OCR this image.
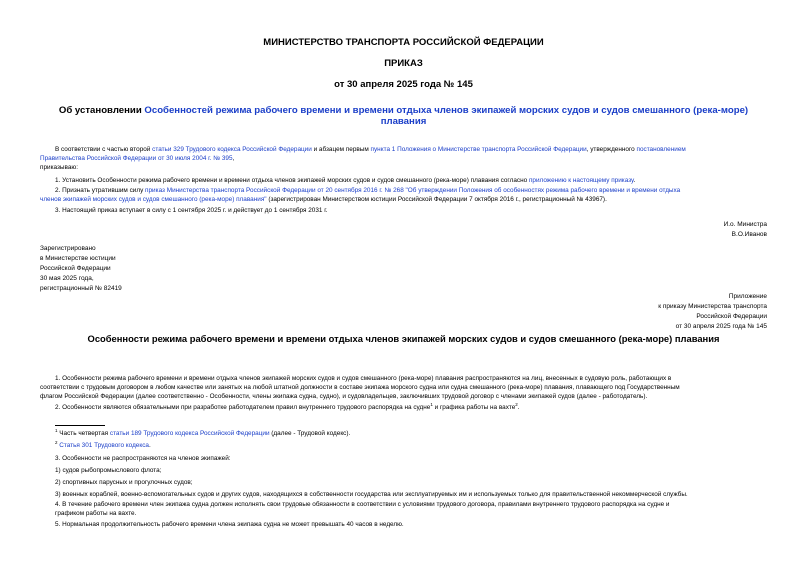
МИНИСТЕРСТВО ТРАНСПОРТА РОССИЙСКОЙ ФЕДЕРАЦИИ
ПРИКАЗ
от 30 апреля 2025 года № 145
Об установлении Особенностей режима рабочего времени и времени отдыха членов экипажей морских судов и судов смешанного (река-море) плавания
В соответствии с частью второй статьи 329 Трудового кодекса Российской Федерации и абзацем первым пункта 1 Положения о Министерстве транспорта Российской Федерации, утвержденного постановлением
Правительства Российской Федерации от 30 июля 2004 г. № 395,
приказываю:
1. Установить Особенности режима рабочего времени и времени отдыха членов экипажей морских судов и судов смешанного (река-море) плавания согласно приложению к настоящему приказу.
2. Признать утратившим силу приказ Министерства транспорта Российской Федерации от 20 сентября 2016 г. № 268 "Об утверждении Положения об особенностях режима рабочего времени и времени отдыха
членов экипажей морских судов и судов смешанного (река-море) плавания" (зарегистрирован Министерством юстиции Российской Федерации 7 октября 2016 г., регистрационный № 43967).
3. Настоящий приказ вступает в силу с 1 сентября 2025 г. и действует до 1 сентября 2031 г.
И.о. Министра
В.О.Иванов
Зарегистрировано
в Министерстве юстиции
Российской Федерации
30 мая 2025 года,
регистрационный № 82419
Приложение
к приказу Министерства транспорта
Российской Федерации
от 30 апреля 2025 года № 145
Особенности режима рабочего времени и времени отдыха членов экипажей морских судов и судов смешанного (река-море) плавания
1. Особенности режима рабочего времени и времени отдыха членов экипажей морских судов и судов смешанного (река-море) плавания распространяются на лиц, внесенных в судовую роль, работающих в
соответствии с трудовым договором в любом качестве или занятых на любой штатной должности в составе экипажа морского судна или судна смешанного (река-море) плавания, плавающего под Государственным
флагом Российской Федерации (далее соответственно - Особенности, члены экипажа судна, судно), и судовладельцев, заключивших трудовой договор с членами экипажей судов (далее - работодатель).
2. Особенности являются обязательными при разработке работодателем правил внутреннего трудового распорядка на судне$^1$ и графика работы на вахте$^2$.
$^1$ Часть четвертая статьи 189 Трудового кодекса Российской Федерации (далее - Трудовой кодекс).
$^2$ Статья 301 Трудового кодекса.
3. Особенности не распространяются на членов экипажей:
1) судов рыбопромыслового флота;
2) спортивных парусных и прогулочных судов;
3) военных кораблей, военно-вспомогательных судов и других судов, находящихся в собственности государства или эксплуатируемых им и используемых только для правительственной некоммерческой службы.
4. В течение рабочего времени член экипажа судна должен исполнять свои трудовые обязанности в соответствии с условиями трудового договора, правилами внутреннего трудового распорядка на судне и
графиком работы на вахте.
5. Нормальная продолжительность рабочего времени члена экипажа судна не может превышать 40 часов в неделю.
